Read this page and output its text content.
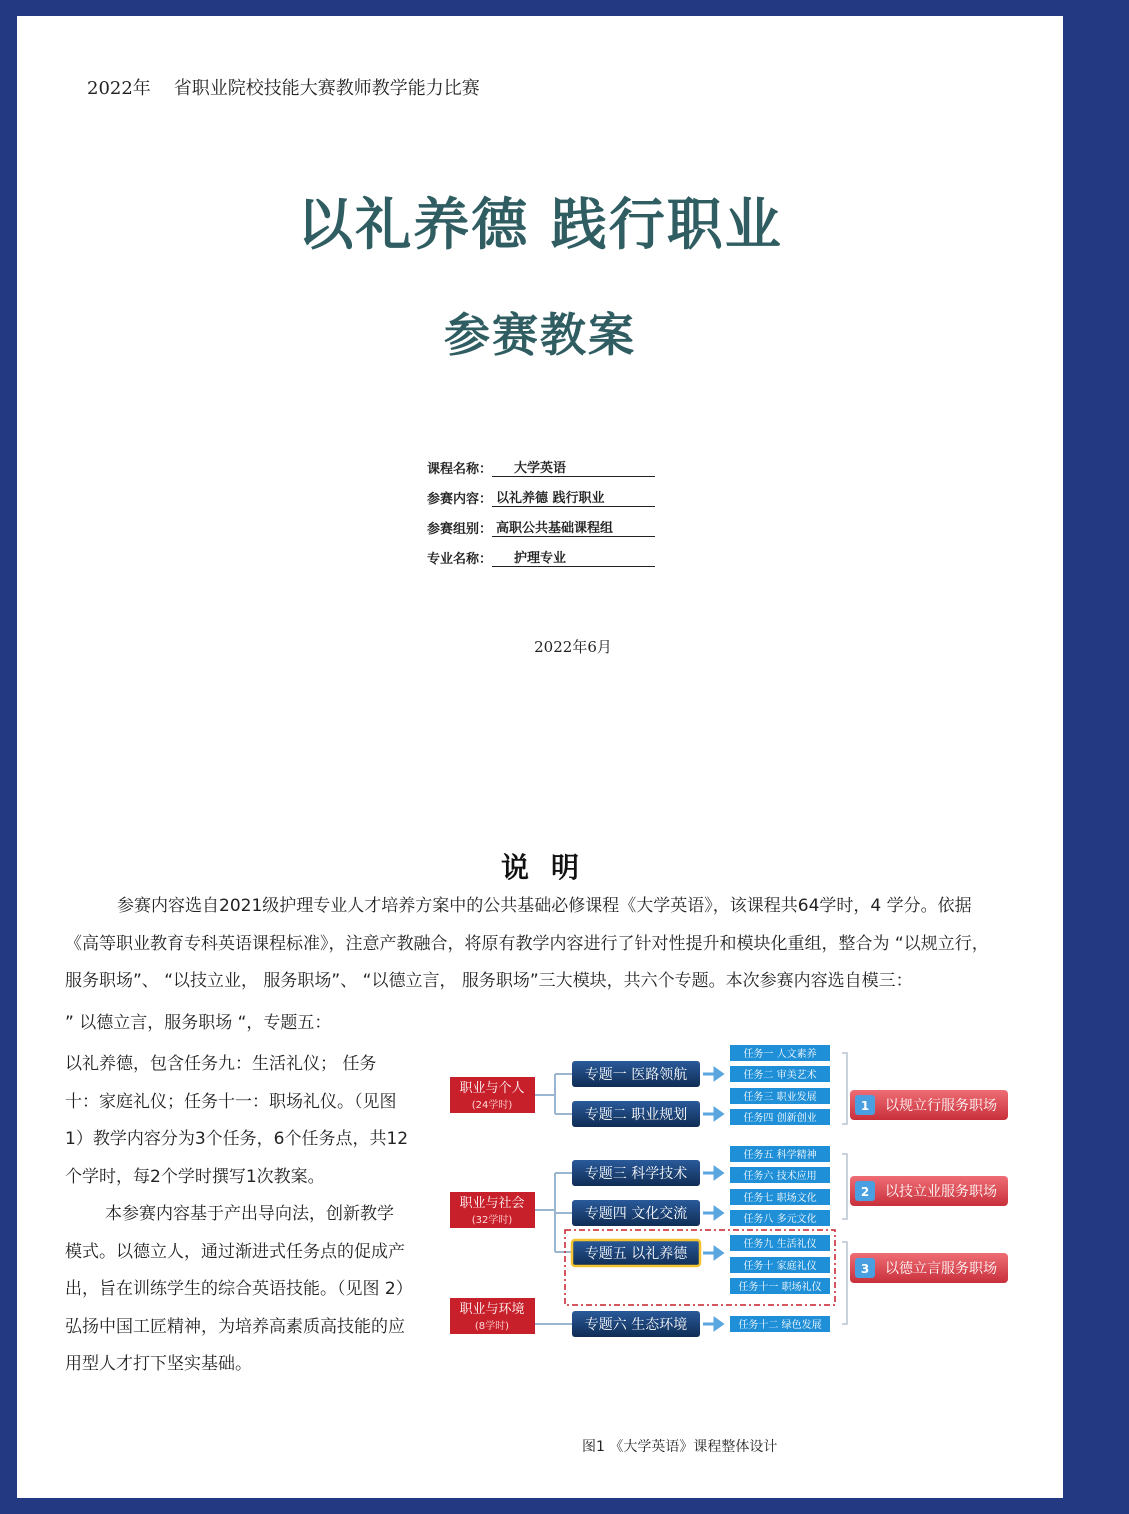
2022年 省职业院校技能大赛教师教学能力比赛
以礼养德 践行职业
参赛教案
课程名称：	大学英语
参赛内容： 以礼养德 践行职业
参赛组别： 高职公共基础课程组
专业名称：	护理专业
2022年6月
说明
参赛内容选自2021级护理专业人才培养方案中的公共基础必修课程《大学英语》，该课程共64学时，4 学分。依据《高等职业教育专科英语课程标准》，注意产教融合，将原有教学内容进行了针对性提升和模块化重组，整合为 “以规立行，服务职场”、 “以技立业， 服务职场”、 “以德立言， 服务职场”三大模块，共六个专题。本次参赛内容选自模三：
” 以德立言，服务职场 “，专题五：

以礼养德，包含任务九：生活礼仪； 任务十：家庭礼仪；任务十一：职场礼仪。（见图 1）教学内容分为3个任务，6个任务点，共12个学时，每2个学时撰写1次教案。

本参赛内容基于产出导向法，创新教学模式。以德立人，通过渐进式任务点的促成产出，旨在训练学生的综合英语技能。（见图 2）弘扬中国工匠精神，为培养高素质高技能的应用型人才打下坚实基础。

职业与个人
(24学时)
职业与社会
(32学时)
职业与环境
(8学时)
专题一 医路领航
专题二 职业规划
专题三 科学技术
专题四 文化交流
专题五 以礼养德
专题六 生态环境
任务一 人文素养
任务二 审美艺术
任务三 职业发展
任务四 创新创业
任务五 科学精神
任务六 技术应用
任务七 职场文化
任务八 多元文化
任务九 生活礼仪
任务十 家庭礼仪
任务十一 职场礼仪
任务十二 绿色发展
1 以规立行服务职场
2 以技立业服务职场
3 以德立言服务职场
图1 《大学英语》课程整体设计
